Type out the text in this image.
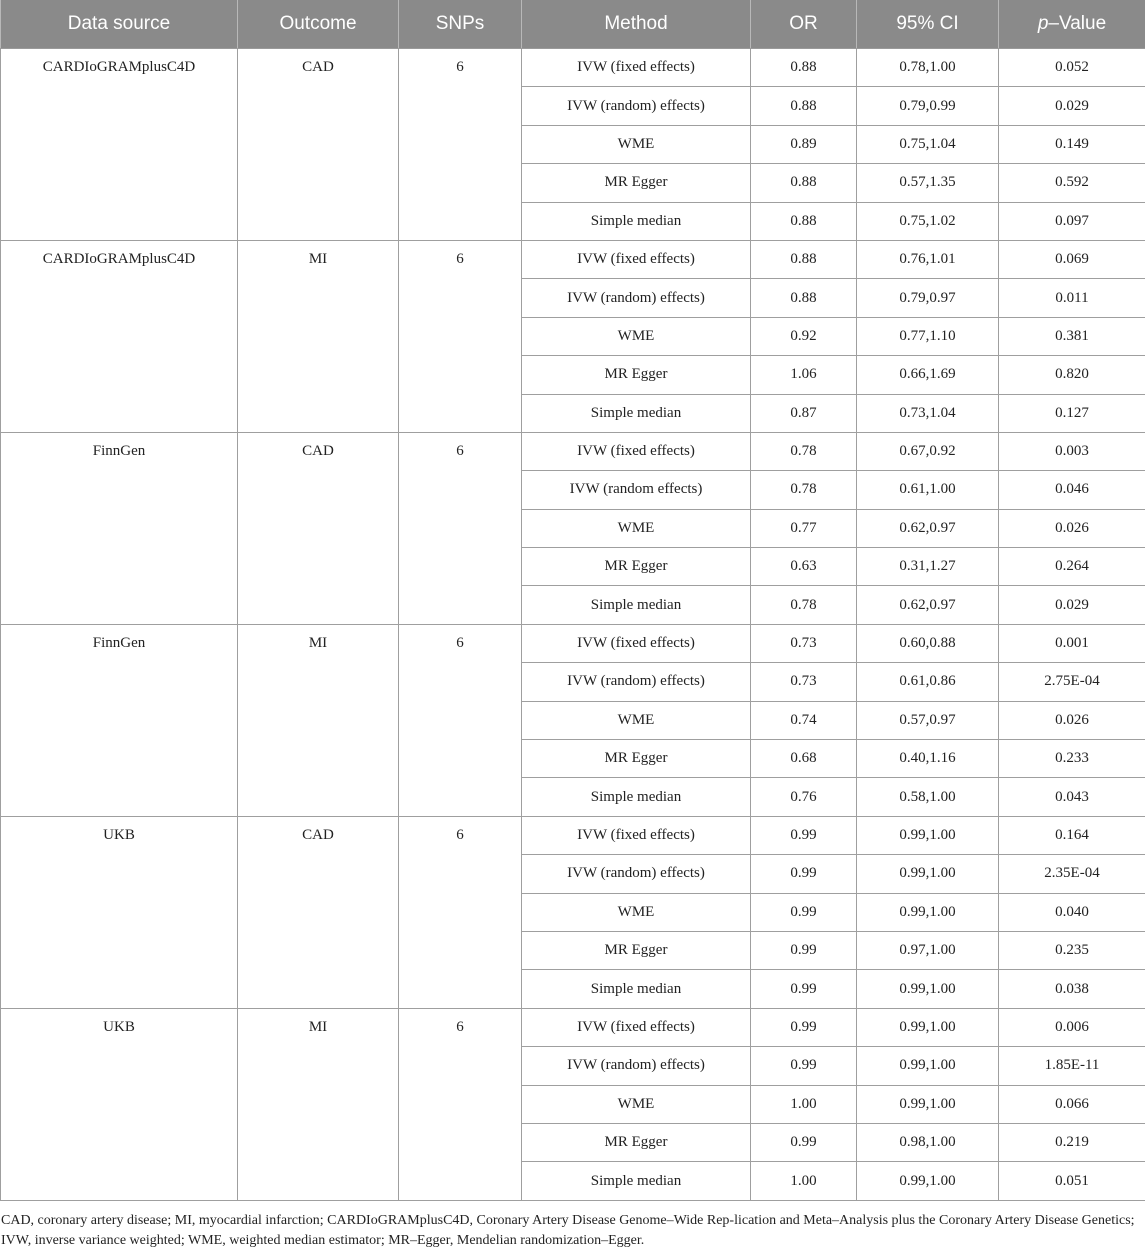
Data source	Outcome	SNPs	Method	OR	95% CI	p–Value
CARDIoGRAMplusC4D	CAD	6	IVW (fixed effects)	0.88	0.78,1.00	0.052
			IVW (random) effects)	0.88	0.79,0.99	0.029
			WME	0.89	0.75,1.04	0.149
			MR Egger	0.88	0.57,1.35	0.592
			Simple median	0.88	0.75,1.02	0.097
CARDIoGRAMplusC4D	MI	6	IVW (fixed effects)	0.88	0.76,1.01	0.069
			IVW (random) effects)	0.88	0.79,0.97	0.011
			WME	0.92	0.77,1.10	0.381
			MR Egger	1.06	0.66,1.69	0.820
			Simple median	0.87	0.73,1.04	0.127
FinnGen	CAD	6	IVW (fixed effects)	0.78	0.67,0.92	0.003
			IVW (random effects)	0.78	0.61,1.00	0.046
			WME	0.77	0.62,0.97	0.026
			MR Egger	0.63	0.31,1.27	0.264
			Simple median	0.78	0.62,0.97	0.029
FinnGen	MI	6	IVW (fixed effects)	0.73	0.60,0.88	0.001
			IVW (random) effects)	0.73	0.61,0.86	2.75E-04
			WME	0.74	0.57,0.97	0.026
			MR Egger	0.68	0.40,1.16	0.233
			Simple median	0.76	0.58,1.00	0.043
UKB	CAD	6	IVW (fixed effects)	0.99	0.99,1.00	0.164
			IVW (random) effects)	0.99	0.99,1.00	2.35E-04
			WME	0.99	0.99,1.00	0.040
			MR Egger	0.99	0.97,1.00	0.235
			Simple median	0.99	0.99,1.00	0.038
UKB	MI	6	IVW (fixed effects)	0.99	0.99,1.00	0.006
			IVW (random) effects)	0.99	0.99,1.00	1.85E-11
			WME	1.00	0.99,1.00	0.066
			MR Egger	0.99	0.98,1.00	0.219
			Simple median	1.00	0.99,1.00	0.051
CAD, coronary artery disease; MI, myocardial infarction; CARDIoGRAMplusC4D, Coronary Artery Disease Genome–Wide Rep-lication and Meta–Analysis plus the Coronary Artery Disease Genetics; IVW, inverse variance weighted; WME, weighted median estimator; MR–Egger, Mendelian randomization–Egger.
